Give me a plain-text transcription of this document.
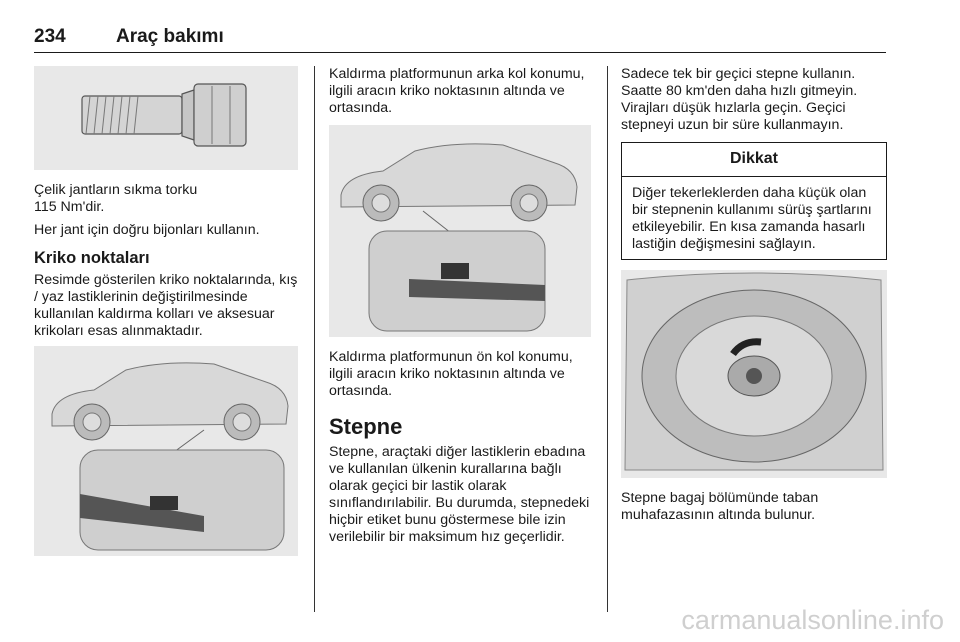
234	Araç bakımı

Çelik jantların sıkma torku

115 Nm'dir.

Her jant için doğru bijonları kullanın.

Kriko noktaları

Resimde gösterilen kriko noktalarında, kış / yaz lastiklerinin değiştirilmesinde kullanılan kaldırma kolları ve aksesuar krikoları esas alınmaktadır.

Kaldırma platformunun arka kol konumu, ilgili aracın kriko noktasının altında ve ortasında.

Kaldırma platformunun ön kol konumu, ilgili aracın kriko noktasının altında ve ortasında.

Stepne

Stepne, araçtaki diğer lastiklerin ebadına ve kullanılan ülkenin kurallarına bağlı olarak geçici bir lastik olarak sınıflandırılabilir. Bu durumda, stepnedeki hiçbir etiket bunu göstermese bile izin verilebilir bir maksimum hız geçerlidir.

Sadece tek bir geçici stepne kullanın. Saatte 80 km'den daha hızlı gitmeyin. Virajları düşük hızlarla geçin. Geçici stepneyi uzun bir süre kullanmayın.

Dikkat
Diğer tekerleklerden daha küçük olan bir stepnenin kullanımı sürüş şartlarını etkileyebilir. En kısa zamanda hasarlı lastiğin değişmesini sağlayın.

Stepne bagaj bölümünde taban muhafazasının altında bulunur.

carmanualsonline.info
